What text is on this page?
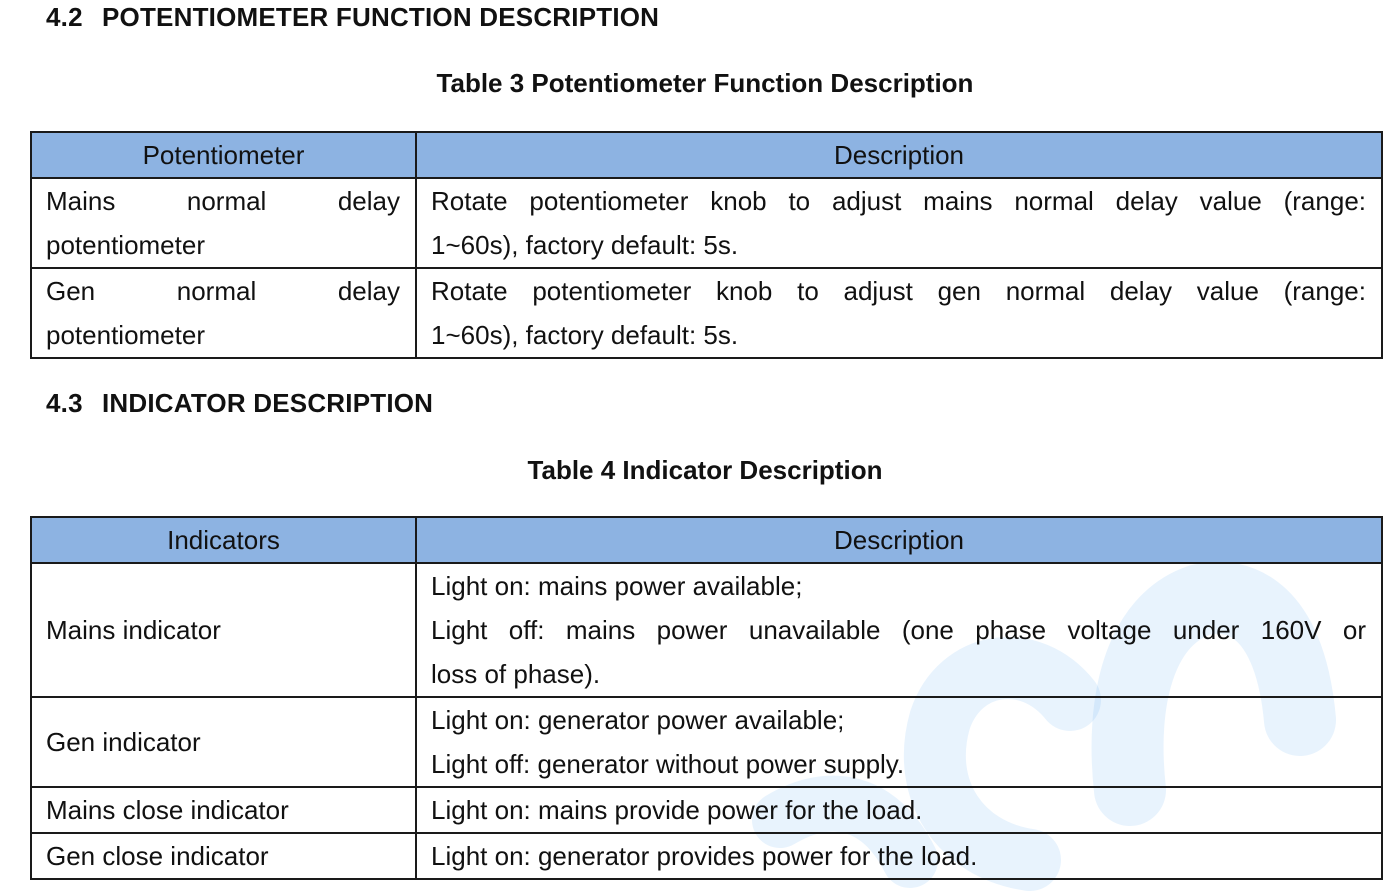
4.2 POTENTIOMETER FUNCTION DESCRIPTION

Table 3 Potentiometer Function Description

Potentiometer	Description
Mains normal delay
potentiometer	Rotate potentiometer knob to adjust mains normal delay value (range:
1~60s), factory default: 5s.

Gen normal delay
potentiometer	Rotate potentiometer knob to adjust gen normal delay value (range:
1~60s), factory default: 5s.
4.3 INDICATOR DESCRIPTION

Table 4 Indicator Description

Indicators	Description
Mains indicator	Light on: mains power available;
Light off: mains power unavailable (one phase voltage under 160V or
loss of phase).

Gen indicator	Light on: generator power available;
Light off: generator without power supply.

Mains close indicator	Light on: mains provide power for the load.

Gen close indicator	Light on: generator provides power for the load.
